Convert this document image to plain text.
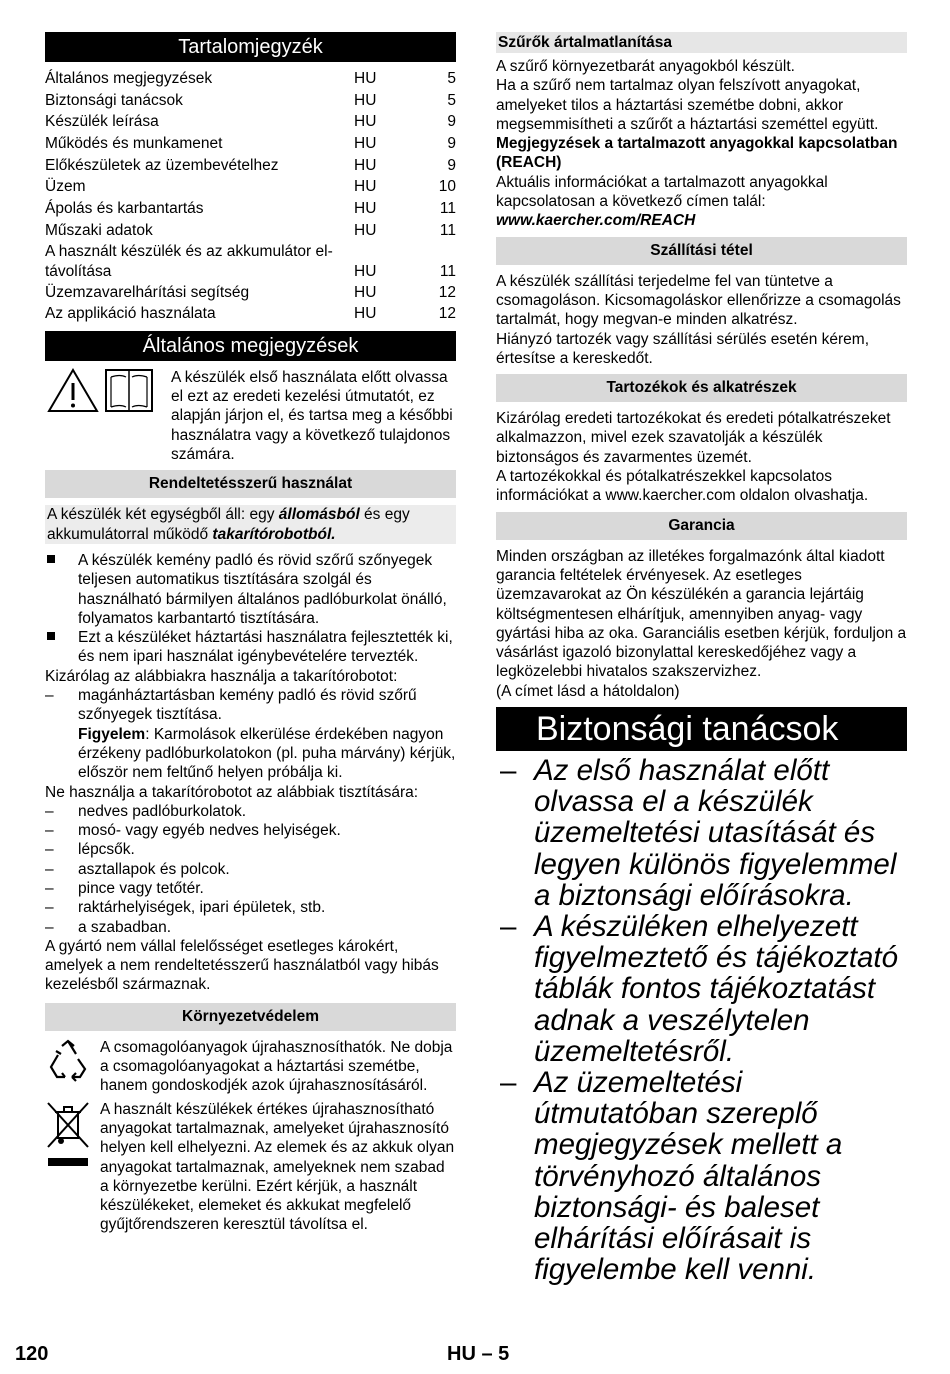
Tartalomjegyzék
Általános megjegyzések	HU	5
Biztonsági tanácsok	HU	5
Készülék leírása	HU	9
Működés és munkamenet	HU	9
Előkészületek az üzembevételhez	HU	9
Üzem	HU	10
Ápolás és karbantartás	HU	11
Műszaki adatok	HU	11
A használt készülék és az akkumulátor el-
távolítása	HU	11
Üzemzavarelhárítási segítség	HU	12
Az applikáció használata	HU	12
Általános megjegyzések

A készülék első használata előtt olvassa el ezt az eredeti kezelési útmutatót, ez alapján járjon el, és tartsa meg a későbbi használatra vagy a következő tulajdonos számára.

Rendeltetésszerű használat
A készülék két egységből áll: egy állomásból és egy akkumulátorral működő takarítórobotból.
A készülék kemény padló és rövid szőrű szőnyegek teljesen automatikus tisztítására szolgál és használható bármilyen általános padlóburkolat önálló, folyamatos karbantartó tisztítására.
Ezt a készüléket háztartási használatra fejlesztették ki, és nem ipari használat igénybevételére tervezték.

Kizárólag az alábbiakra használja a takarítórobotot:

–	magánháztartásban kemény padló és rövid szőrű szőnyegek tisztítása.

Figyelem: Karmolások elkerülése érdekében nagyon érzékeny padlóburkolatokon (pl. puha márvány) kérjük, először nem feltűnő helyen próbálja ki.

Ne használja a takarítórobotot az alábbiak tisztítására:

–	nedves padlóburkolatok.
–	mosó- vagy egyéb nedves helyiségek.
–	lépcsők.
–	asztallapok és polcok.
–	pince vagy tetőtér.
–	raktárhelyiségek, ipari épületek, stb.
–	a szabadban.

A gyártó nem vállal felelősséget esetleges károkért, amelyek a nem rendeltetésszerű használatból vagy hibás kezelésből származnak.

Környezetvédelem

A csomagolóanyagok újrahasznosíthatók. Ne dobja a csomagolóanyagokat a háztartási szemétbe, hanem gondoskodjék azok újrahasznosításáról.

A használt készülékek értékes újrahasznosítható anyagokat tartalmaznak, amelyeket újrahasznosító helyen kell elhelyezni. Az elemek és az akkuk olyan anyagokat tartalmaznak, amelyeknek nem szabad a környezetbe kerülni. Ezért kérjük, a használt készülékeket, elemeket és akkukat megfelelő gyűjtőrendszeren keresztül távolítsa el.

Szűrők ártalmatlanítása

A szűrő környezetbarát anyagokból készült.

Ha a szűrő nem tartalmaz olyan felszívott anyagokat, amelyeket tilos a háztartási szemétbe dobni, akkor megsemmisítheti a szűrőt a háztartási szeméttel együtt.

Megjegyzések a tartalmazott anyagokkal kapcsolatban (REACH)

Aktuális információkat a tartalmazott anyagokkal kapcsolatosan a következő címen talál:

www.kaercher.com/REACH

Szállítási tétel

A készülék szállítási terjedelme fel van tüntetve a csomagoláson. Kicsomagoláskor ellenőrizze a csomagolás tartalmát, hogy megvan-e minden alkatrész.

Hiányzó tartozék vagy szállítási sérülés esetén kérem, értesítse a kereskedőt.

Tartozékok és alkatrészek

Kizárólag eredeti tartozékokat és eredeti pótalkatrészeket alkalmazzon, mivel ezek szavatolják a készülék biztonságos és zavarmentes üzemét.

A tartozékokkal és pótalkatrészekkel kapcsolatos információkat a www.kaercher.com oldalon olvashatja.

Garancia

Minden országban az illetékes forgalmazónk által kiadott garancia feltételek érvényesek. Az esetleges üzemzavarokat az Ön készülékén a garancia lejártáig költségmentesen elhárítjuk, amennyiben anyag- vagy gyártási hiba az oka. Garanciális esetben kérjük, forduljon a vásárlást igazoló bizonylattal kereskedőjéhez vagy a legközelebbi hivatalos szakszervizhez.

(A címet lásd a hátoldalon)

Biztonsági tanácsok
– Az első használat előtt olvassa el a készülék üzemeltetési utasítását és legyen különös figyelemmel a biztonsági előírásokra.
– A készüléken elhelyezett figyelmeztető és tájékoztató táblák fontos tájékoztatást adnak a veszélytelen üzemeltetésről.
– Az üzemeltetési útmutatóban szereplő megjegyzések mellett a törvényhozó általános biztonsági- és baleset elhárítási előírásait is figyelembe kell venni.
120	HU – 5
